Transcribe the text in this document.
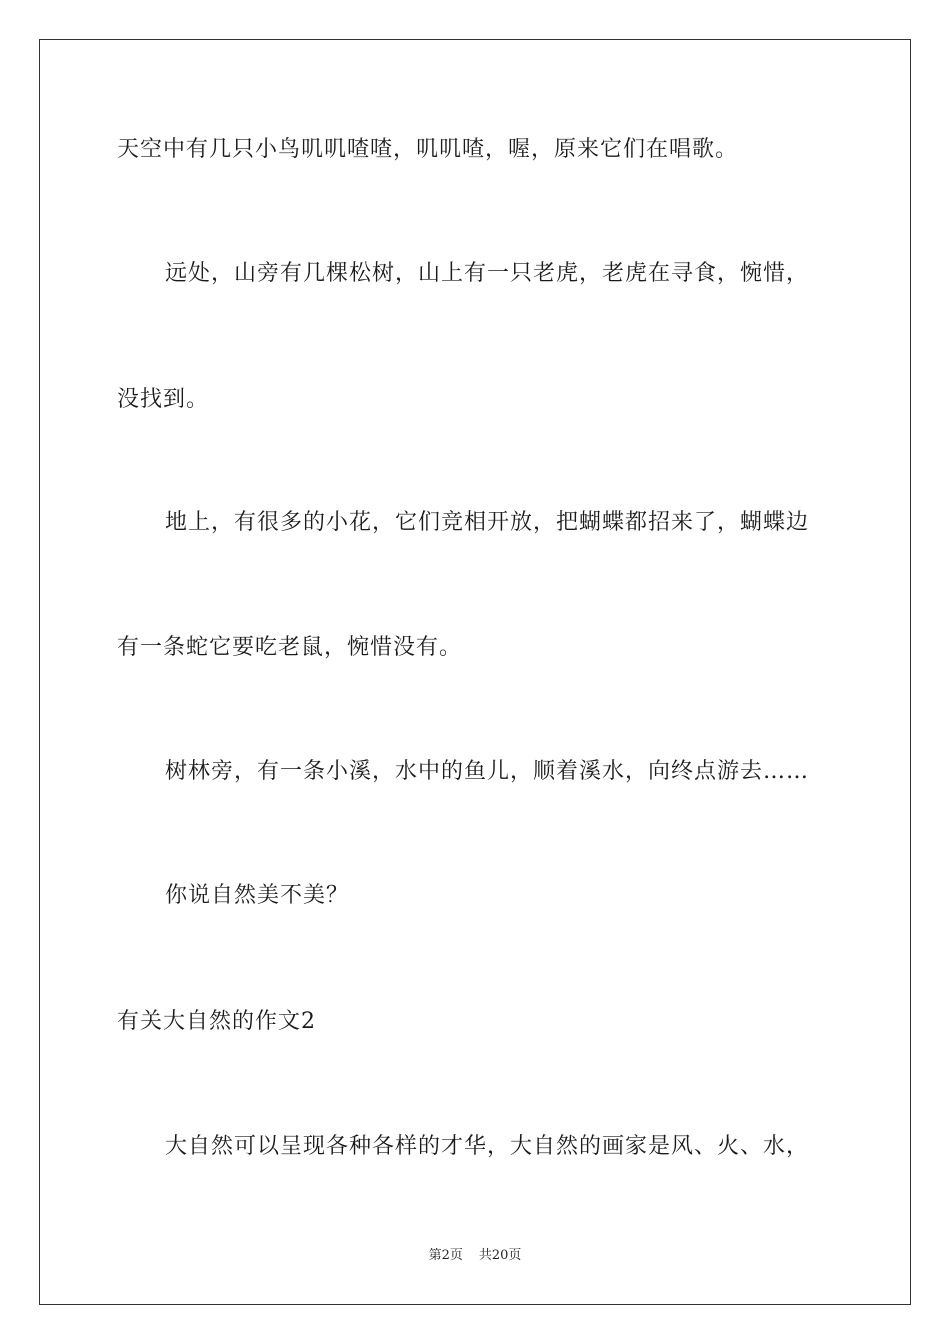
天空中有几只小鸟叽叽喳喳，叽叽喳，喔，原来它们在唱歌。
远处，山旁有几棵松树，山上有一只老虎，老虎在寻食，惋惜，
没找到。
地上，有很多的小花，它们竞相开放，把蝴蝶都招来了，蝴蝶边
有一条蛇它要吃老鼠，惋惜没有。
树林旁，有一条小溪，水中的鱼儿，顺着溪水，向终点游去……
你说自然美不美？
有关大自然的作文2
大自然可以呈现各种各样的才华，大自然的画家是风、火、水，
第2页 共20页
